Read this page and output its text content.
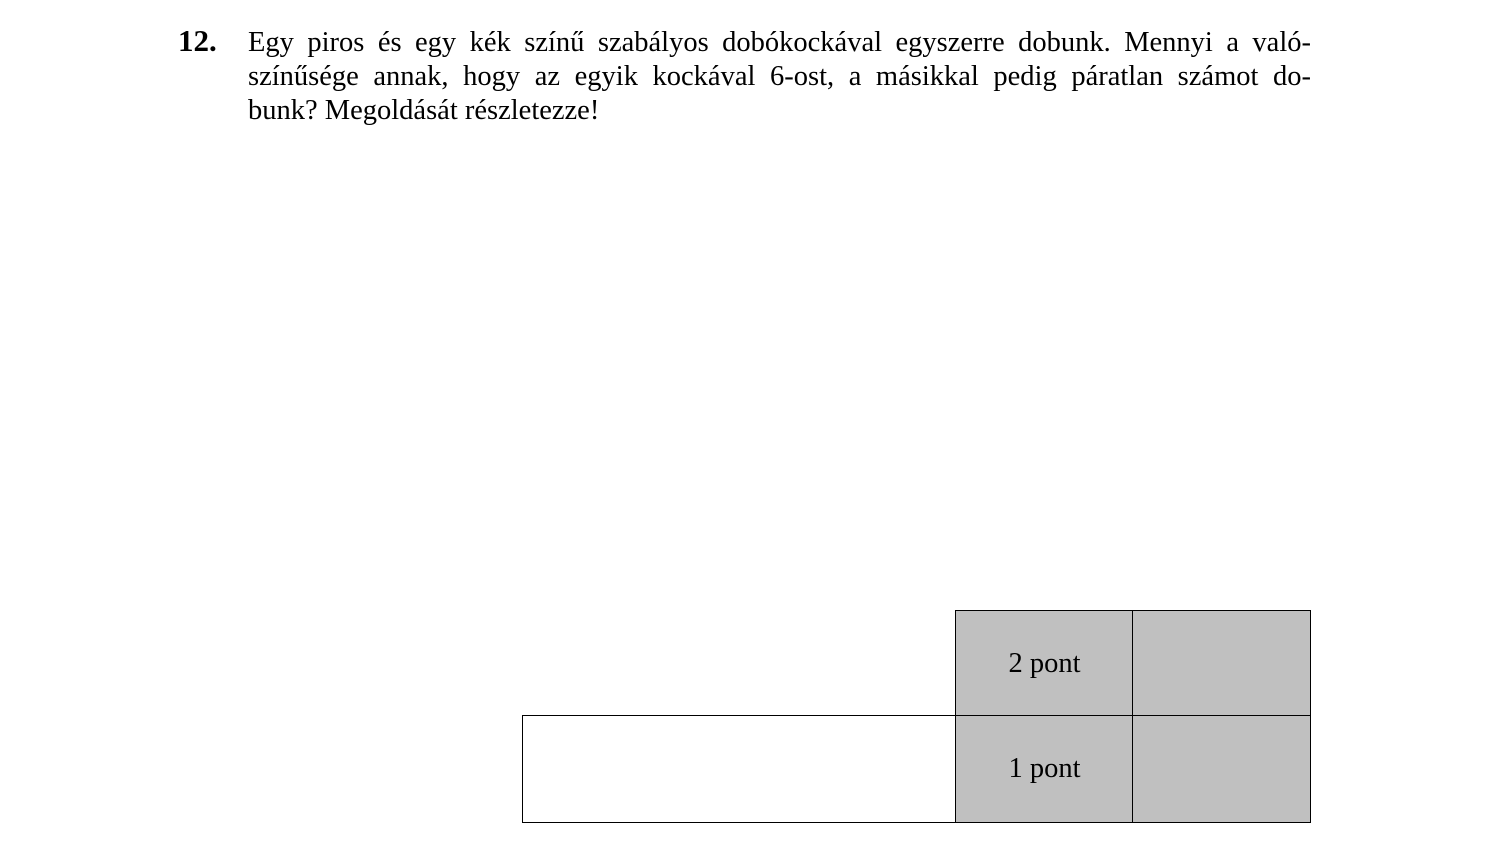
12. Egy piros és egy kék színű szabályos dobókockával egyszerre dobunk. Mennyi a való-
színűsége annak, hogy az egyik kockával 6-ost, a másikkal pedig páratlan számot do-
bunk? Megoldását részletezze!
2 pont
1 pont
